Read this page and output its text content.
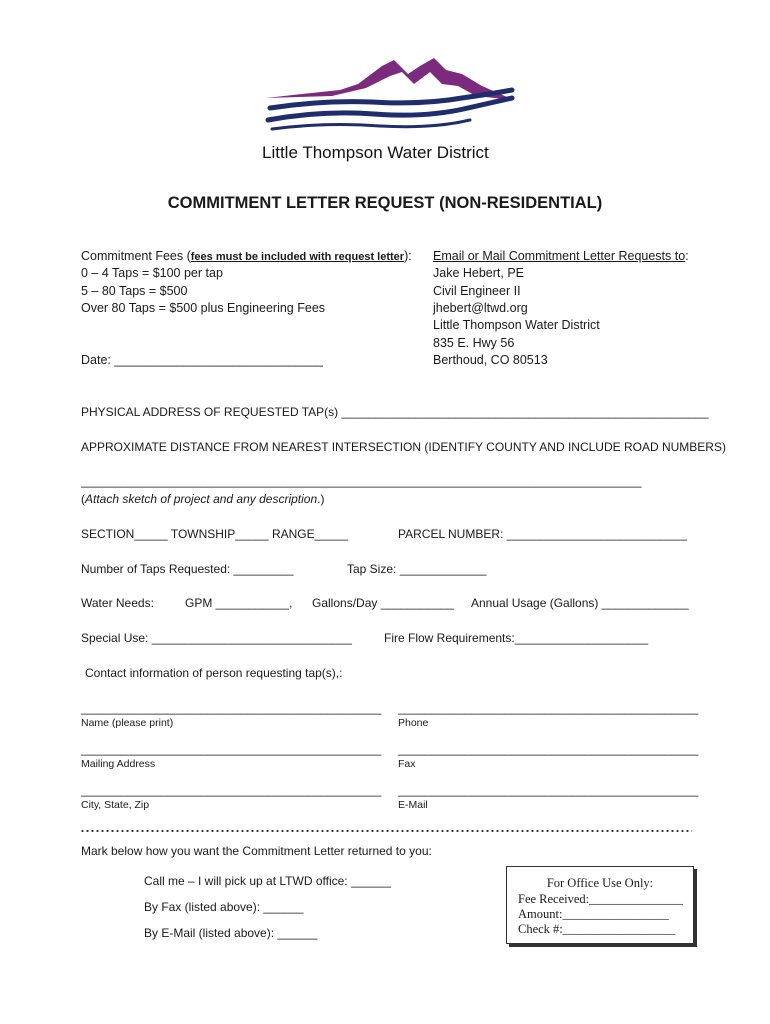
Little Thompson Water District
COMMITMENT LETTER REQUEST (NON-RESIDENTIAL)
Commitment Fees (fees must be included with request letter):
0 – 4 Taps = $100 per tap
5 – 80 Taps = $500
Over 80 Taps = $500 plus Engineering Fees
Date: ______________________________
Email or Mail Commitment Letter Requests to:
Jake Hebert, PE
Civil Engineer II
jhebert@ltwd.org
Little Thompson Water District
835 E. Hwy 56
Berthoud, CO 80513
PHYSICAL ADDRESS OF REQUESTED TAP(s) _______________________________________________________
APPROXIMATE DISTANCE FROM NEAREST INTERSECTION (IDENTIFY COUNTY AND INCLUDE ROAD NUMBERS)
____________________________________________________________________________________
(Attach sketch of project and any description.)
SECTION_____ TOWNSHIP_____ RANGE_____	PARCEL NUMBER: ___________________________
Number of Taps Requested: _________	Tap Size: _____________
Water Needs:	GPM ___________, Gallons/Day ___________ Annual Usage (Gallons) _____________
Special Use: ______________________________	Fire Flow Requirements:____________________
Contact information of person requesting tap(s),:
_____________________________________________
Name (please print)
_____________________________________________
Phone
_____________________________________________
Mailing Address
_____________________________________________
Fax
_____________________________________________
City, State, Zip
_____________________________________________
E-Mail
Mark below how you want the Commitment Letter returned to you:
Call me – I will pick up at LTWD office: ______
By Fax (listed above): ______
By E-Mail (listed above): ______
For Office Use Only:
Fee Received:_______________
Amount:_________________
Check #:__________________
